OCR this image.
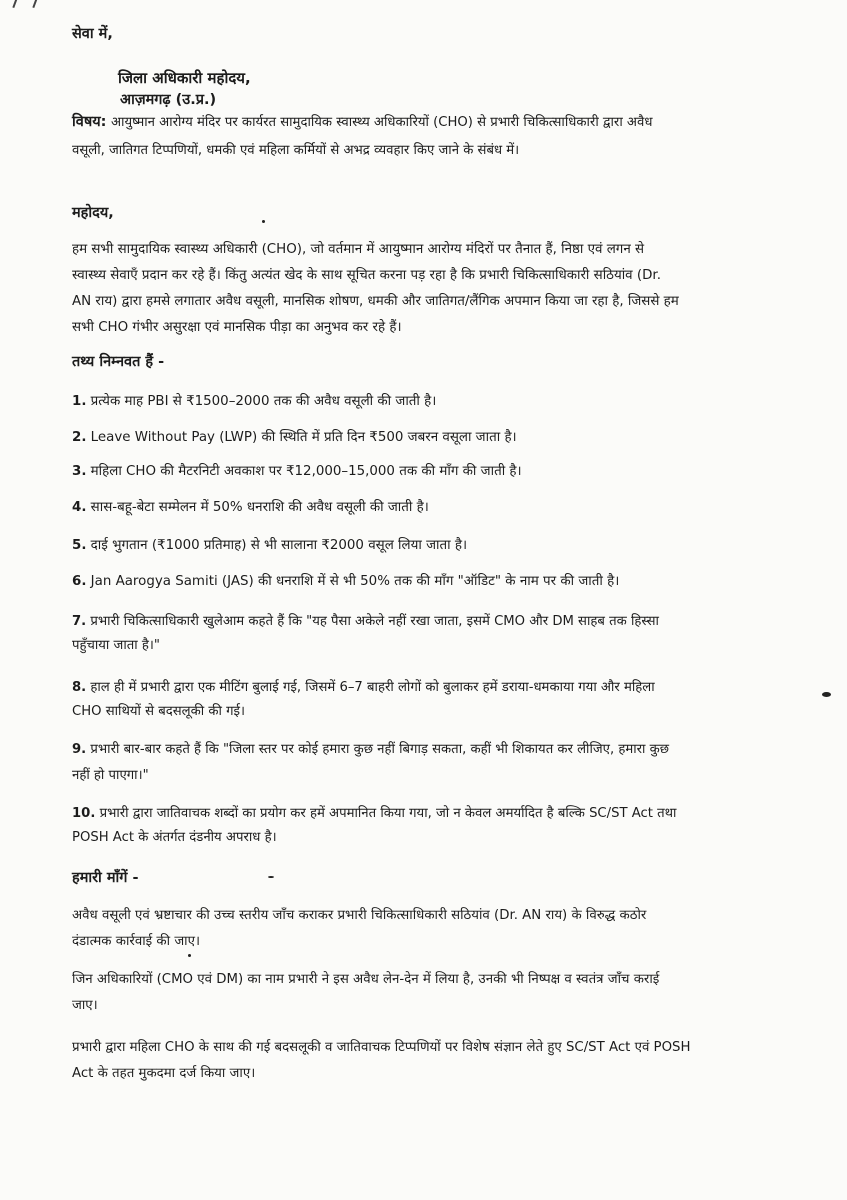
सेवा में,
जिला अधिकारी महोदय,
आज़मगढ़ (उ.प्र.)
विषय: आयुष्मान आरोग्य मंदिर पर कार्यरत सामुदायिक स्वास्थ्य अधिकारियों (CHO) से प्रभारी चिकित्साधिकारी द्वारा अवैध
वसूली, जातिगत टिप्पणियों, धमकी एवं महिला कर्मियों से अभद्र व्यवहार किए जाने के संबंध में।
महोदय,
हम सभी सामुदायिक स्वास्थ्य अधिकारी (CHO), जो वर्तमान में आयुष्मान आरोग्य मंदिरों पर तैनात हैं, निष्ठा एवं लगन से
स्वास्थ्य सेवाएँ प्रदान कर रहे हैं। किंतु अत्यंत खेद के साथ सूचित करना पड़ रहा है कि प्रभारी चिकित्साधिकारी सठियांव (Dr.
AN राय) द्वारा हमसे लगातार अवैध वसूली, मानसिक शोषण, धमकी और जातिगत/लैंगिक अपमान किया जा रहा है, जिससे हम
सभी CHO गंभीर असुरक्षा एवं मानसिक पीड़ा का अनुभव कर रहे हैं।
तथ्य निम्नवत हैं -
1. प्रत्येक माह PBI से ₹1500–2000 तक की अवैध वसूली की जाती है।
2. Leave Without Pay (LWP) की स्थिति में प्रति दिन ₹500 जबरन वसूला जाता है।
3. महिला CHO की मैटरनिटी अवकाश पर ₹12,000–15,000 तक की माँग की जाती है।
4. सास-बहू-बेटा सम्मेलन में 50% धनराशि की अवैध वसूली की जाती है।
5. दाई भुगतान (₹1000 प्रतिमाह) से भी सालाना ₹2000 वसूल लिया जाता है।
6. Jan Aarogya Samiti (JAS) की धनराशि में से भी 50% तक की माँग "ऑडिट" के नाम पर की जाती है।
7. प्रभारी चिकित्साधिकारी खुलेआम कहते हैं कि "यह पैसा अकेले नहीं रखा जाता, इसमें CMO और DM साहब तक हिस्सा
पहुँचाया जाता है।"
8. हाल ही में प्रभारी द्वारा एक मीटिंग बुलाई गई, जिसमें 6–7 बाहरी लोगों को बुलाकर हमें डराया-धमकाया गया और महिला
CHO साथियों से बदसलूकी की गई।
9. प्रभारी बार-बार कहते हैं कि "जिला स्तर पर कोई हमारा कुछ नहीं बिगाड़ सकता, कहीं भी शिकायत कर लीजिए, हमारा कुछ
नहीं हो पाएगा।"
10. प्रभारी द्वारा जातिवाचक शब्दों का प्रयोग कर हमें अपमानित किया गया, जो न केवल अमर्यादित है बल्कि SC/ST Act तथा
POSH Act के अंतर्गत दंडनीय अपराध है।
हमारी माँगें -
अवैध वसूली एवं भ्रष्टाचार की उच्च स्तरीय जाँच कराकर प्रभारी चिकित्साधिकारी सठियांव (Dr. AN राय) के विरुद्ध कठोर
दंडात्मक कार्रवाई की जाए।
जिन अधिकारियों (CMO एवं DM) का नाम प्रभारी ने इस अवैध लेन-देन में लिया है, उनकी भी निष्पक्ष व स्वतंत्र जाँच कराई
जाए।
प्रभारी द्वारा महिला CHO के साथ की गई बदसलूकी व जातिवाचक टिप्पणियों पर विशेष संज्ञान लेते हुए SC/ST Act एवं POSH
Act के तहत मुकदमा दर्ज किया जाए।
